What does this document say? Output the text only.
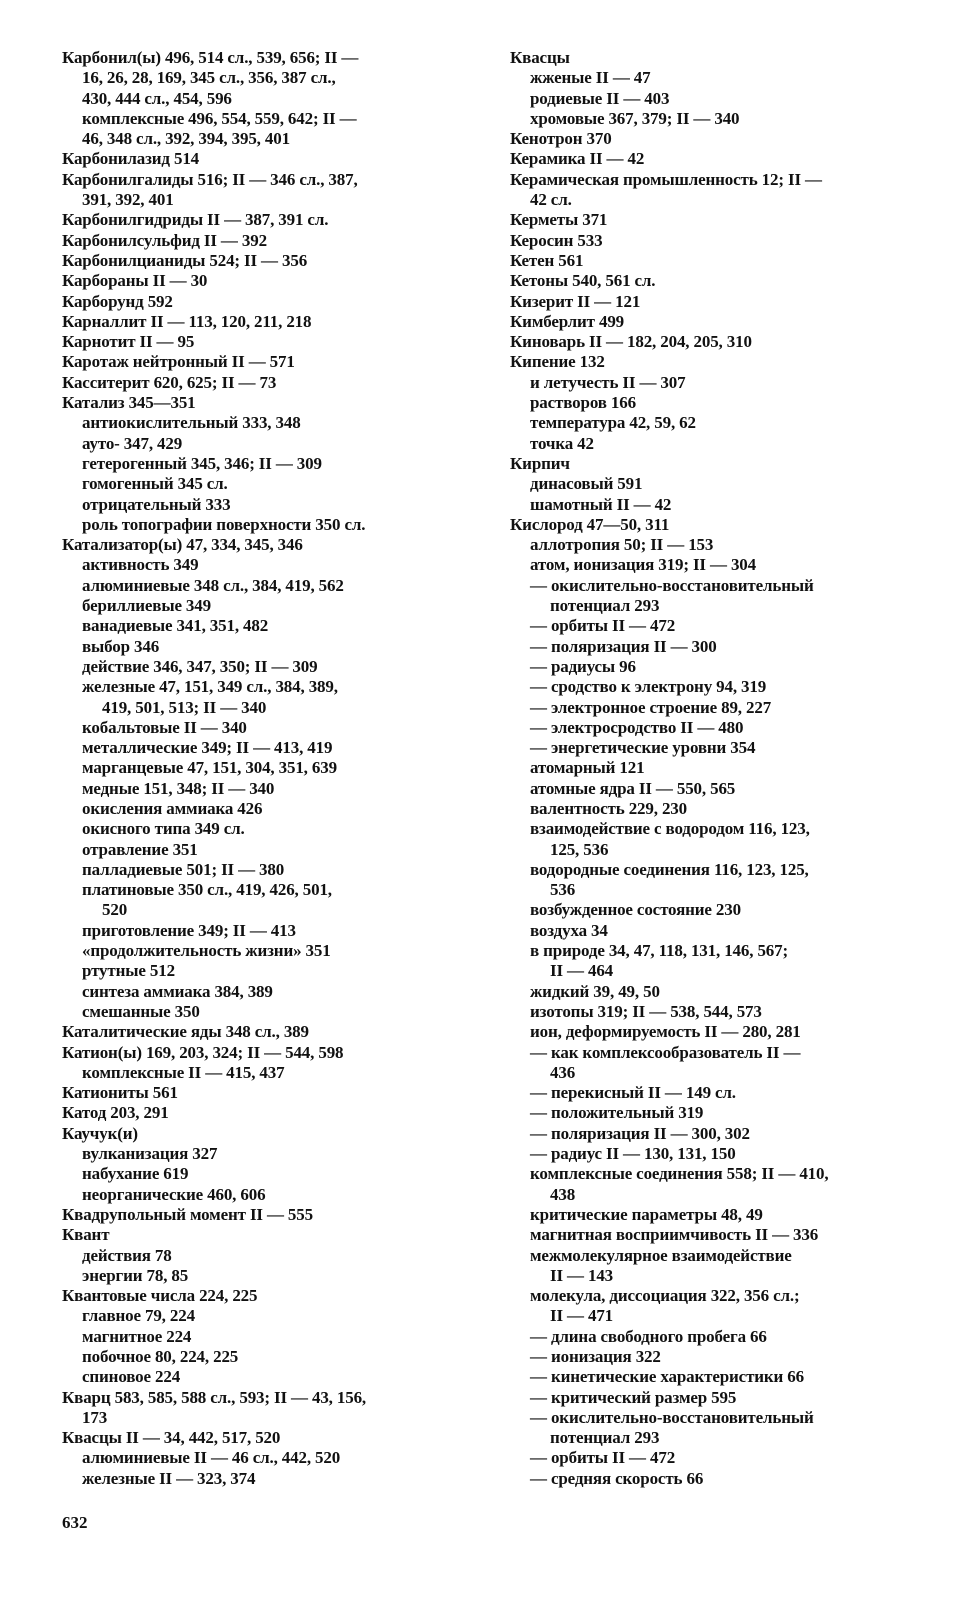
Карбонил(ы) 496, 514 сл., 539, 656; II —
16, 26, 28, 169, 345 сл., 356, 387 сл.,
430, 444 сл., 454, 596
комплексные 496, 554, 559, 642; II —
46, 348 сл., 392, 394, 395, 401
Карбонилазид 514
Карбонилгалиды 516; II — 346 сл., 387,
391, 392, 401
Карбонилгидриды II — 387, 391 сл.
Карбонилсульфид II — 392
Карбонилцианиды 524; II — 356
Карбораны II — 30
Карборунд 592
Карналлит II — 113, 120, 211, 218
Карнотит II — 95
Каротаж нейтронный II — 571
Касситерит 620, 625; II — 73
Катализ 345—351
антиокислительный 333, 348
ауто- 347, 429
гетерогенный 345, 346; II — 309
гомогенный 345 сл.
отрицательный 333
роль топографии поверхности 350 сл.
Катализатор(ы) 47, 334, 345, 346
активность 349
алюминиевые 348 сл., 384, 419, 562
бериллиевые 349
ванадиевые 341, 351, 482
выбор 346
действие 346, 347, 350; II — 309
железные 47, 151, 349 сл., 384, 389,
419, 501, 513; II — 340
кобальтовые II — 340
металлические 349; II — 413, 419
марганцевые 47, 151, 304, 351, 639
медные 151, 348; II — 340
окисления аммиака 426
окисного типа 349 сл.
отравление 351
палладиевые 501; II — 380
платиновые 350 сл., 419, 426, 501,
520
приготовление 349; II — 413
«продолжительность жизни» 351
ртутные 512
синтеза аммиака 384, 389
смешанные 350
Каталитические яды 348 сл., 389
Катион(ы) 169, 203, 324; II — 544, 598
комплексные II — 415, 437
Катиониты 561
Катод 203, 291
Каучук(и)
вулканизация 327
набухание 619
неорганические 460, 606
Квадрупольный момент II — 555
Квант
действия 78
энергии 78, 85
Квантовые числа 224, 225
главное 79, 224
магнитное 224
побочное 80, 224, 225
спиновое 224
Кварц 583, 585, 588 сл., 593; II — 43, 156,
173
Квасцы II — 34, 442, 517, 520
алюминиевые II — 46 сл., 442, 520
железные II — 323, 374
Квасцы
жженые II — 47
родиевые II — 403
хромовые 367, 379; II — 340
Кенотрон 370
Керамика II — 42
Керамическая промышленность 12; II —
42 сл.
Керметы 371
Керосин 533
Кетен 561
Кетоны 540, 561 сл.
Кизерит II — 121
Кимберлит 499
Киноварь II — 182, 204, 205, 310
Кипение 132
и летучесть II — 307
растворов 166
температура 42, 59, 62
точка 42
Кирпич
динасовый 591
шамотный II — 42
Кислород 47—50, 311
аллотропия 50; II — 153
атом, ионизация 319; II — 304
— окислительно-восстановительный
потенциал 293
— орбиты II — 472
— поляризация II — 300
— радиусы 96
— сродство к электрону 94, 319
— электронное строение 89, 227
— электросродство II — 480
— энергетические уровни 354
атомарный 121
атомные ядра II — 550, 565
валентность 229, 230
взаимодействие с водородом 116, 123,
125, 536
водородные соединения 116, 123, 125,
536
возбужденное состояние 230
воздуха 34
в природе 34, 47, 118, 131, 146, 567;
II — 464
жидкий 39, 49, 50
изотопы 319; II — 538, 544, 573
ион, деформируемость II — 280, 281
— как комплексообразователь II —
436
— перекисный II — 149 сл.
— положительный 319
— поляризация II — 300, 302
— радиус II — 130, 131, 150
комплексные соединения 558; II — 410,
438
критические параметры 48, 49
магнитная восприимчивость II — 336
межмолекулярное взаимодействие
II — 143
молекула, диссоциация 322, 356 сл.;
II — 471
— длина свободного пробега 66
— ионизация 322
— кинетические характеристики 66
— критический размер 595
— окислительно-восстановительный
потенциал 293
— орбиты II — 472
— средняя скорость 66
632
